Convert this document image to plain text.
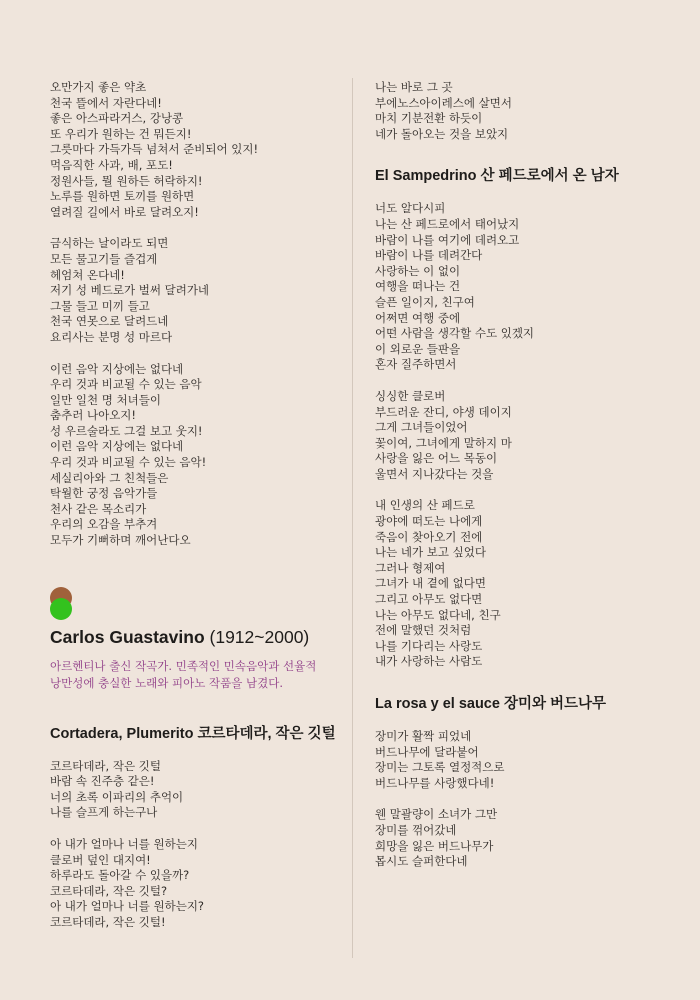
오만가지 좋은 약초
천국 뜰에서 자란다네!
좋은 아스파라거스, 강낭콩
또 우리가 원하는 건 뭐든지!
그릇마다 가득가득 넘쳐서 준비되어 있지!
먹음직한 사과, 배, 포도!
정원사들, 뭘 원하든 허락하지!
노루를 원하면 토끼를 원하면
열려질 길에서 바로 달려오지!
금식하는 날이라도 되면
모든 물고기들 즐겁게
헤엄쳐 온다네!
저기 성 베드로가 벌써 달려가네
그물 들고 미끼 들고
천국 연못으로 달려드네
요리사는 분명 성 마르다
이런 음악 지상에는 없다네
우리 것과 비교될 수 있는 음악
일만 일천 명 처녀들이
춤추러 나아오지!
성 우르술라도 그걸 보고 웃지!
이런 음악 지상에는 없다네
우리 것과 비교될 수 있는 음악!
세실리아와 그 친척들은
탁월한 궁정 음악가들
천사 같은 목소리가
우리의 오감을 부추겨
모두가 기뻐하며 깨어난다오
Carlos Guastavino (1912~2000)
아르헨티나 출신 작곡가. 민족적인 민속음악과 선율적 낭만성에 충실한 노래와 피아노 작품을 남겼다.
Cortadera, Plumerito 코르타데라, 작은 깃털
코르타데라, 작은 깃털
바람 속 진주층 같은!
너의 초록 이파리의 추억이
나를 슬프게 하는구나
아 내가 얼마나 너를 원하는지
클로버 덮인 대지여!
하루라도 돌아갈 수 있을까?
코르타데라, 작은 깃털?
아 내가 얼마나 너를 원하는지?
코르타데라, 작은 깃털!
나는 바로 그 곳
부에노스아이레스에 살면서
마치 기분전환 하듯이
네가 돌아오는 것을 보았지
El Sampedrino 산 페드로에서 온 남자
너도 알다시피
나는 산 페드로에서 태어났지
바람이 나를 여기에 데려오고
바람이 나를 데려간다
사랑하는 이 없이
여행을 떠나는 건
슬픈 일이지, 친구여
어쩌면 여행 중에
어떤 사람을 생각할 수도 있겠지
이 외로운 들판을
혼자 질주하면서
싱싱한 클로버
부드러운 잔디, 야생 데이지
그게 그녀들이었어
꽃이여, 그녀에게 말하지 마
사랑을 잃은 어느 목동이
울면서 지나갔다는 것을
내 인생의 산 페드로
광야에 떠도는 나에게
죽음이 찾아오기 전에
나는 네가 보고 싶었다
그러나 형제여
그녀가 내 곁에 없다면
그리고 아무도 없다면
나는 아무도 없다네, 친구
전에 말했던 것처럼
나를 기다리는 사랑도
내가 사랑하는 사람도
La rosa y el sauce 장미와 버드나무
장미가 활짝 피었네
버드나무에 달라붙어
장미는 그토록 열정적으로
버드나무를 사랑했다네!
웬 말괄량이 소녀가 그만
장미를 꺾어갔네
희망을 잃은 버드나무가
몹시도 슬퍼한다네
